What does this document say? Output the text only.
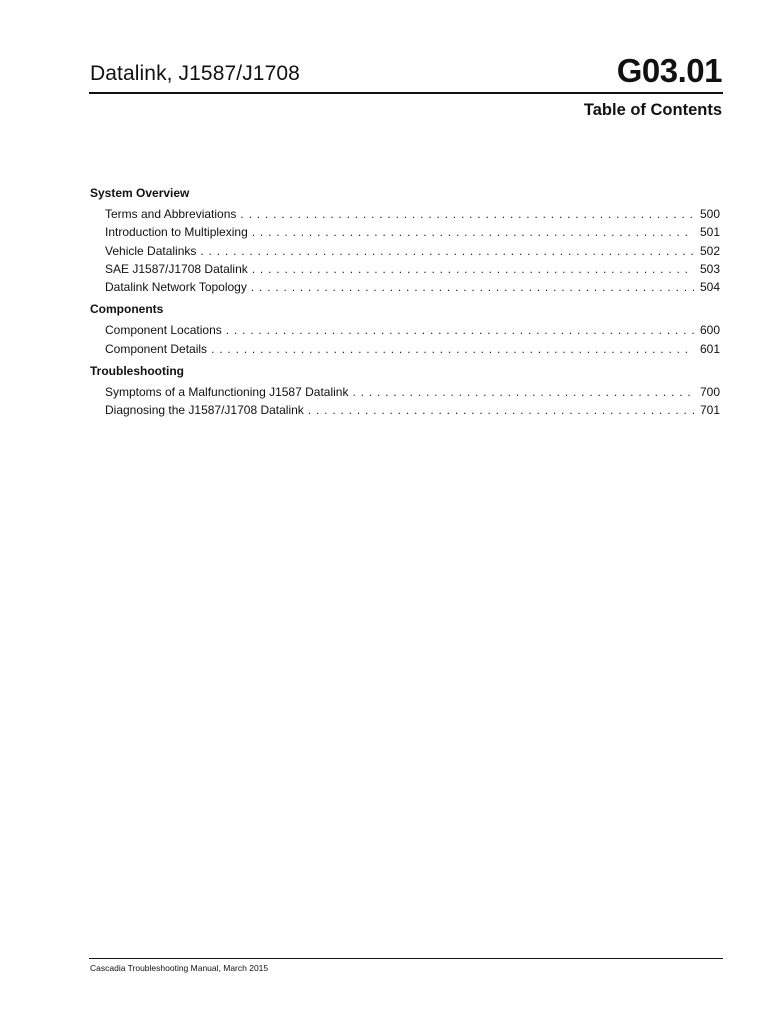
Datalink, J1587/J1708	G03.01
Table of Contents
System Overview
Terms and Abbreviations . . .	500
Introduction to Multiplexing . . .	501
Vehicle Datalinks . . .	502
SAE J1587/J1708 Datalink . . .	503
Datalink Network Topology . . .	504
Components
Component Locations . . .	600
Component Details . . .	601
Troubleshooting
Symptoms of a Malfunctioning J1587 Datalink . . .	700
Diagnosing the J1587/J1708 Datalink . . .	701
Cascadia Troubleshooting Manual, March 2015
